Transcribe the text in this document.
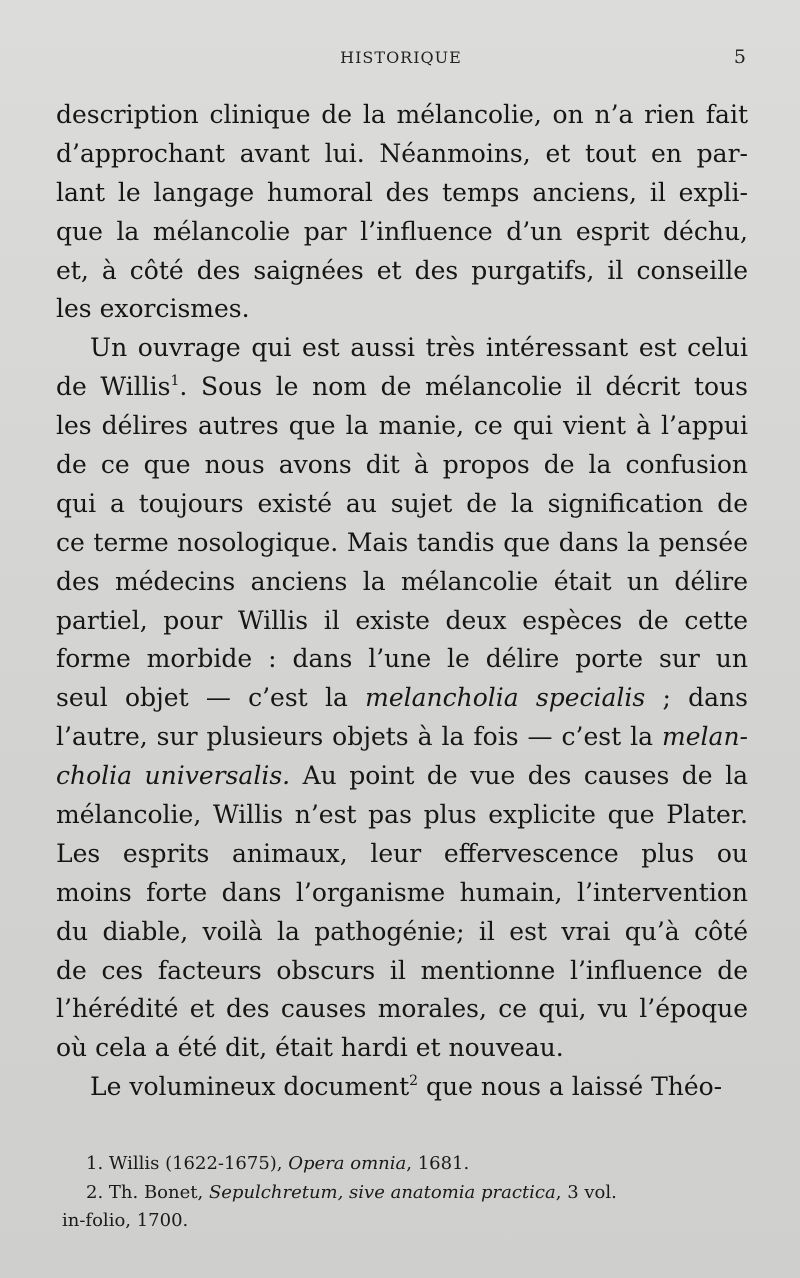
HISTORIQUE	5
description clinique de la mélancolie, on n’a rien fait
d’approchant avant lui. Néanmoins, et tout en par-
lant le langage humoral des temps anciens, il expli-
que la mélancolie par l’influence d’un esprit déchu,
et, à côté des saignées et des purgatifs, il conseille
les exorcismes.
Un ouvrage qui est aussi très intéressant est celui
de Willis$^1$. Sous le nom de mélancolie il décrit tous
les délires autres que la manie, ce qui vient à l’appui
de ce que nous avons dit à propos de la confusion
qui a toujours existé au sujet de la signification de
ce terme nosologique. Mais tandis que dans la pensée
des médecins anciens la mélancolie était un délire
partiel, pour Willis il existe deux espèces de cette
forme morbide : dans l’une le délire porte sur un
seul objet — c’est la melancholia specialis ; dans
l’autre, sur plusieurs objets à la fois — c’est la melan-
cholia universalis. Au point de vue des causes de la
mélancolie, Willis n’est pas plus explicite que Plater.
Les esprits animaux, leur effervescence plus ou
moins forte dans l’organisme humain, l’intervention
du diable, voilà la pathogénie; il est vrai qu’à côté
de ces facteurs obscurs il mentionne l’influence de
l’hérédité et des causes morales, ce qui, vu l’époque
où cela a été dit, était hardi et nouveau.
Le volumineux document$^2$ que nous a laissé Théo-
1. Willis (1622-1675), Opera omnia, 1681.
2. Th. Bonet, Sepulchretum, sive anatomia practica, 3 vol.
in-folio, 1700.
